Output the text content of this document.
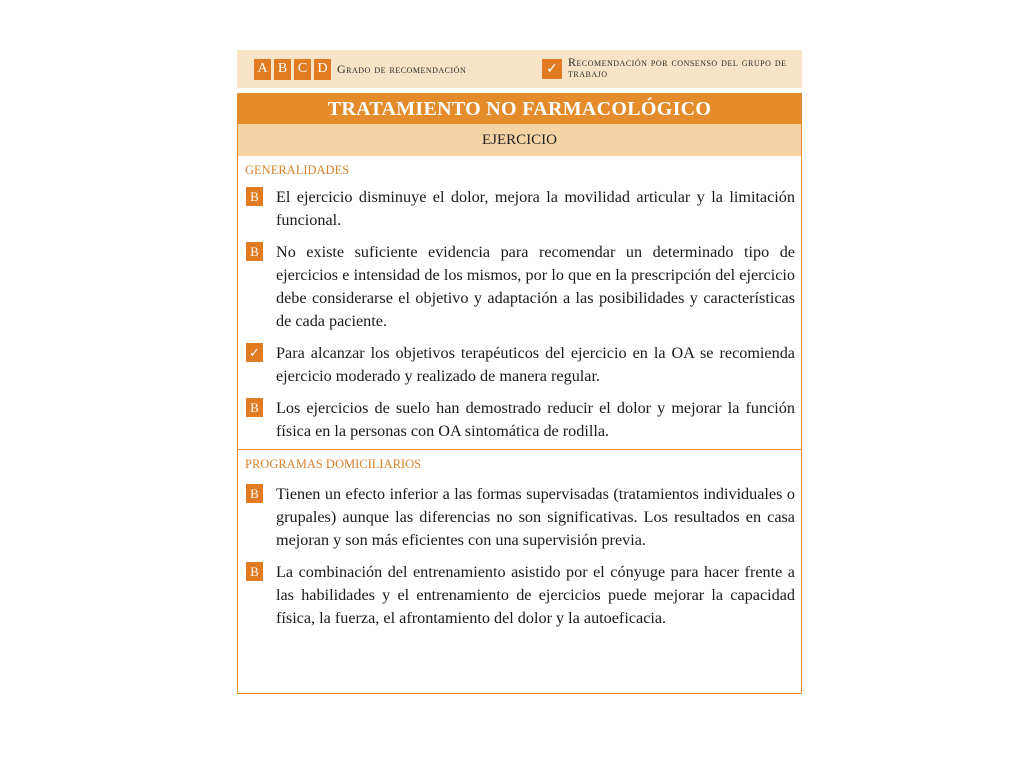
A B C D Grado de recomendación	✓ Recomendación por consenso del grupo de trabajo
TRATAMIENTO NO FARMACOLÓGICO
EJERCICIO
GENERALIDADES
B El ejercicio disminuye el dolor, mejora la movilidad articular y la limitación funcional.
B No existe suficiente evidencia para recomendar un determinado tipo de ejercicios e intensidad de los mismos, por lo que en la prescripción del ejercicio debe considerarse el objetivo y adaptación a las posibilidades y características de cada paciente.
✓ Para alcanzar los objetivos terapéuticos del ejercicio en la OA se recomienda ejercicio moderado y realizado de manera regular.
B Los ejercicios de suelo han demostrado reducir el dolor y mejorar la función física en la personas con OA sintomática de rodilla.
PROGRAMAS DOMICILIARIOS
B Tienen un efecto inferior a las formas supervisadas (tratamientos individuales o grupales) aunque las diferencias no son significativas. Los resultados en casa mejoran y son más eficientes con una supervisión previa.
B La combinación del entrenamiento asistido por el cónyuge para hacer frente a las habilidades y el entrenamiento de ejercicios puede mejorar la capacidad física, la fuerza, el afrontamiento del dolor y la autoeficacia.
